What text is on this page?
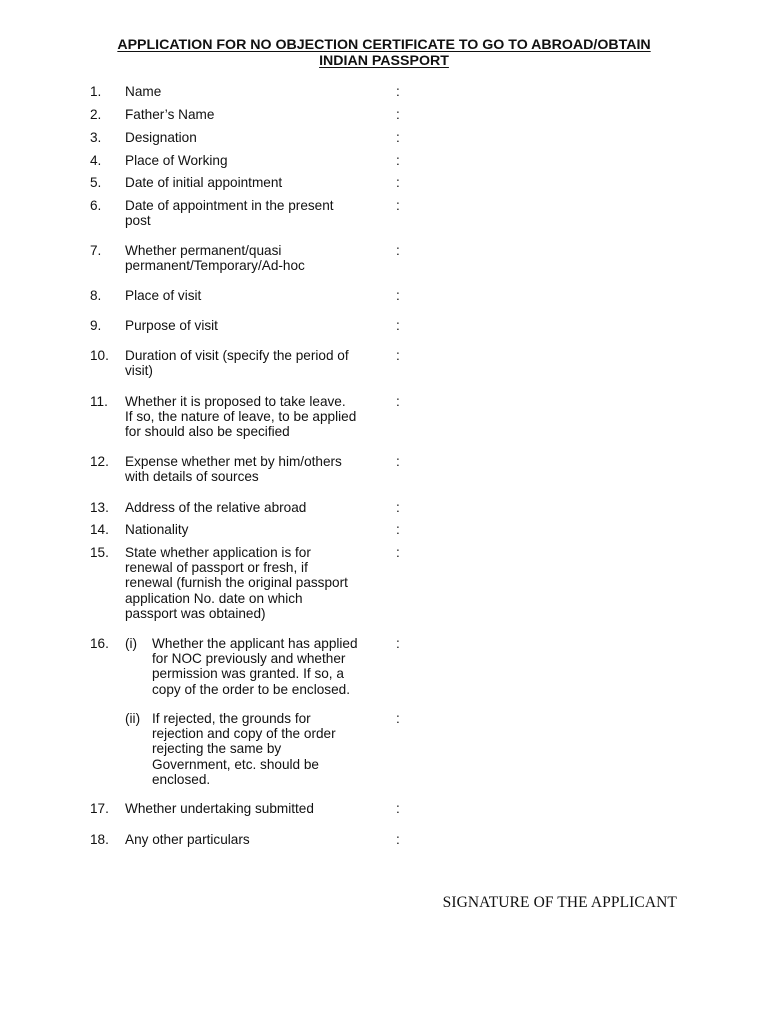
APPLICATION FOR NO OBJECTION CERTIFICATE TO GO TO ABROAD/OBTAIN
INDIAN PASSPORT
1. Name	:
2. Father’s Name	:
3. Designation	:
4. Place of Working	:
5. Date of initial appointment	:
6. Date of appointment in the present
post
:
7. Whether permanent/quasi
permanent/Temporary/Ad-hoc
:
8. Place of visit	:
9. Purpose of visit	:
10. Duration of visit (specify the period of
visit)
:
11. Whether it is proposed to take leave.
If so, the nature of leave, to be applied
for should also be specified
:
12. Expense whether met by him/others
with details of sources
:
13. Address of the relative abroad	:
14. Nationality	:
15. State whether application is for
renewal of passport or fresh, if
renewal (furnish the original passport
application No. date on which
passport was obtained)
:
16. (i) Whether the applicant has applied
for NOC previously and whether
permission was granted. If so, a
copy of the order to be enclosed.
:
(ii) If rejected, the grounds for
rejection and copy of the order
rejecting the same by
Government, etc. should be
enclosed.
:
17. Whether undertaking submitted	:
18. Any other particulars	:
SIGNATURE OF THE APPLICANT
